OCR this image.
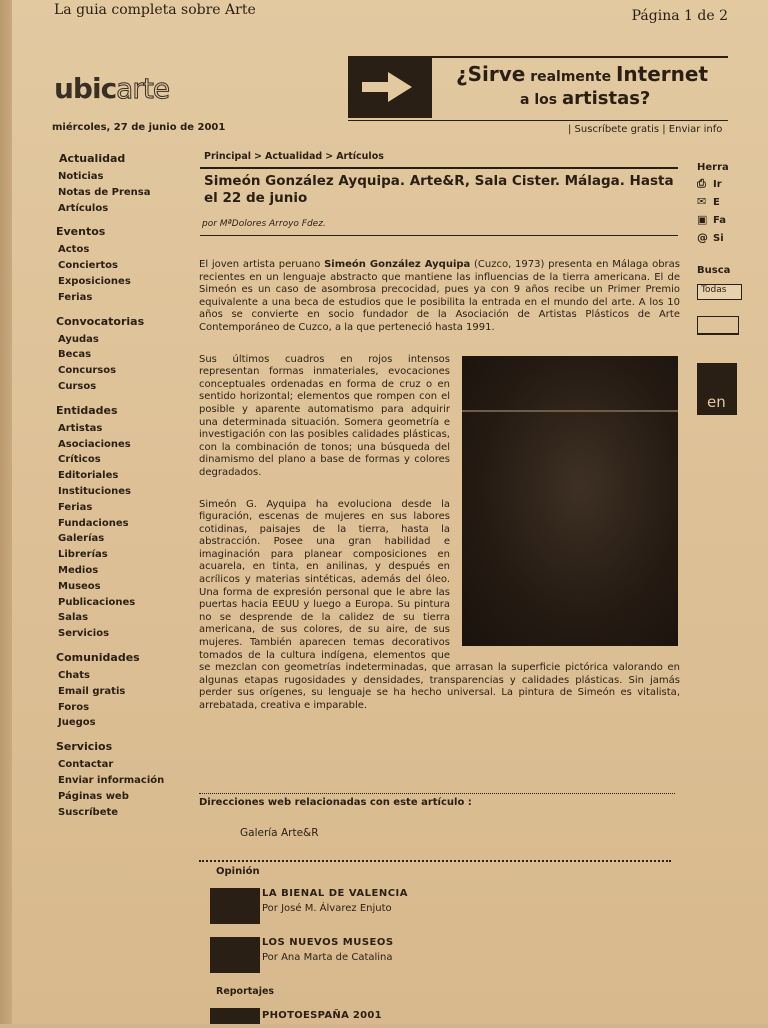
La guia completa sobre Arte	Página 1 de 2
ubicarte
miércoles, 27 de junio de 2001
¿Sirve realmente Internet
a los artistas?
| Suscríbete gratis | Enviar info
Actualidad
Noticias
Notas de Prensa
Artículos
Eventos
Actos
Conciertos
Exposiciones
Ferias
Convocatorias
Ayudas
Becas
Concursos
Cursos
Entidades
Artistas
Asociaciones
Críticos
Editoriales
Instituciones
Ferias
Fundaciones
Galerías
Librerías
Medios
Museos
Publicaciones
Salas
Servicios
Comunidades
Chats
Email gratis
Foros
Juegos
Servicios
Contactar
Enviar información
Páginas web
Suscríbete
Principal > Actualidad > Artículos
Simeón González Ayquipa. Arte&R, Sala Cister. Málaga. Hasta el 22 de junio
por MªDolores Arroyo Fdez.

El joven artista peruano Simeón González Ayquipa (Cuzco, 1973) presenta en Málaga obras recientes en un lenguaje abstracto que mantiene las influencias de la tierra americana. El de Simeón es un caso de asombrosa precocidad, pues ya con 9 años recibe un Primer Premio equivalente a una beca de estudios que le posibilita la entrada en el mundo del arte. A los 10 años se convierte en socio fundador de la Asociación de Artistas Plásticos de Arte Contemporáneo de Cuzco, a la que perteneció hasta 1991.

Sus últimos cuadros en rojos intensos representan formas inmateriales, evocaciones conceptuales ordenadas en forma de cruz o en sentido horizontal; elementos que rompen con el posible y aparente automatismo para adquirir una determinada situación. Somera geometría e investigación con las posibles calidades plásticas, con la combinación de tonos; una búsqueda del dinamismo del plano a base de formas y colores degradados.

Simeón G. Ayquipa ha evoluciona desde la figuración, escenas de mujeres en sus labores cotidinas, paisajes de la tierra, hasta la abstracción. Posee una gran habilidad e imaginación para planear composiciones en acuarela, en tinta, en anilinas, y después en acrílicos y materias sintéticas, además del óleo. Una forma de expresión personal que le abre las puertas hacia EEUU y luego a Europa. Su pintura no se desprende de la calidez de su tierra americana, de sus colores, de su aire, de sus mujeres. También aparecen temas decorativos tomados de la cultura indígena, elementos que se mezclan con geometrías indeterminadas, que arrasan la superficie pictórica valorando en algunas etapas rugosidades y densidades, transparencias y calidades plásticas. Sin jamás perder sus orígenes, su lenguaje se ha hecho universal. La pintura de Simeón es vitalista, arrebatada, creativa e imparable.

Direcciones web relacionadas con este artículo :
Galería Arte&R
Opinión
LA BIENAL DE VALENCIA
Por José M. Álvarez Enjuto
LOS NUEVOS MUSEOS
Por Ana Marta de Catalina
Reportajes
PHOTOESPAÑA 2001
Herra
⎙ Ir
✉ E
▣ Fa
@ Si
Busca
Todas
en
